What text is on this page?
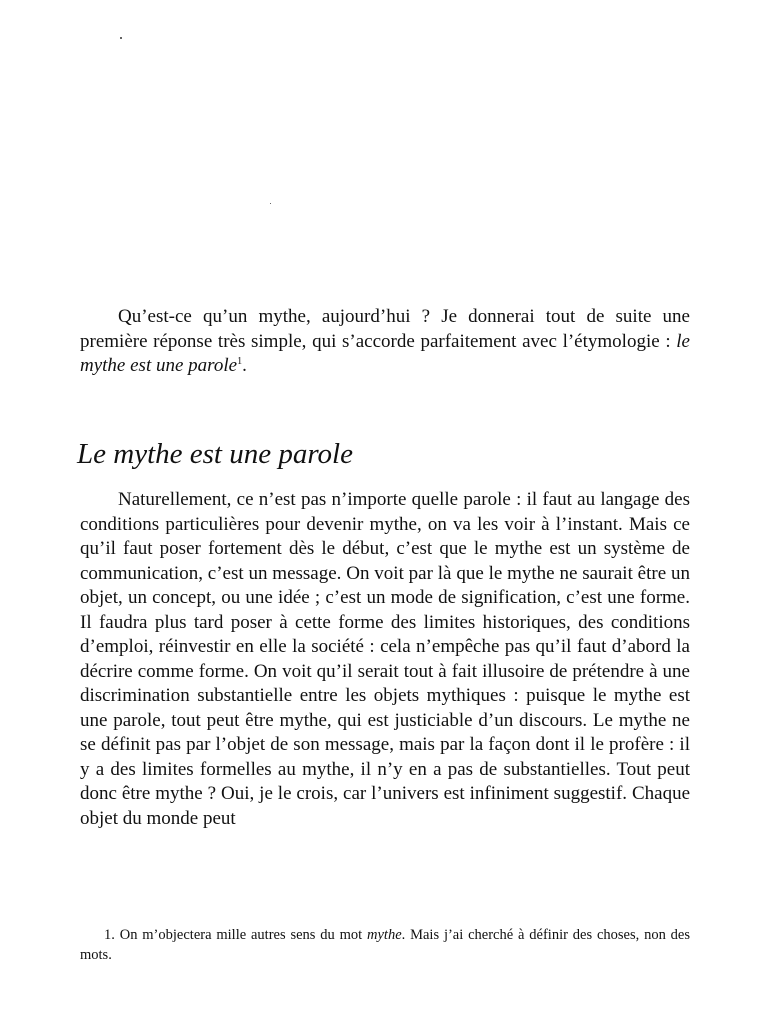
Qu’est-ce qu’un mythe, aujourd’hui ? Je donnerai tout de suite une première réponse très simple, qui s’accorde parfaitement avec l’étymologie : le mythe est une parole$^1$.

Le mythe est une parole

Naturellement, ce n’est pas n’importe quelle parole : il faut au langage des conditions particulières pour devenir mythe, on va les voir à l’instant. Mais ce qu’il faut poser fortement dès le début, c’est que le mythe est un système de communication, c’est un message. On voit par là que le mythe ne saurait être un objet, un concept, ou une idée ; c’est un mode de signification, c’est une forme. Il faudra plus tard poser à cette forme des limites historiques, des conditions d’emploi, réinvestir en elle la société : cela n’empêche pas qu’il faut d’abord la décrire comme forme. On voit qu’il serait tout à fait illusoire de prétendre à une discrimination substantielle entre les objets mythiques : puisque le mythe est une parole, tout peut être mythe, qui est justiciable d’un discours. Le mythe ne se définit pas par l’objet de son message, mais par la façon dont il le profère : il y a des limites formelles au mythe, il n’y en a pas de substantielles. Tout peut donc être mythe ? Oui, je le crois, car l’univers est infiniment suggestif. Chaque objet du monde peut

1. On m’objectera mille autres sens du mot mythe. Mais j’ai cherché à définir des choses, non des mots.
